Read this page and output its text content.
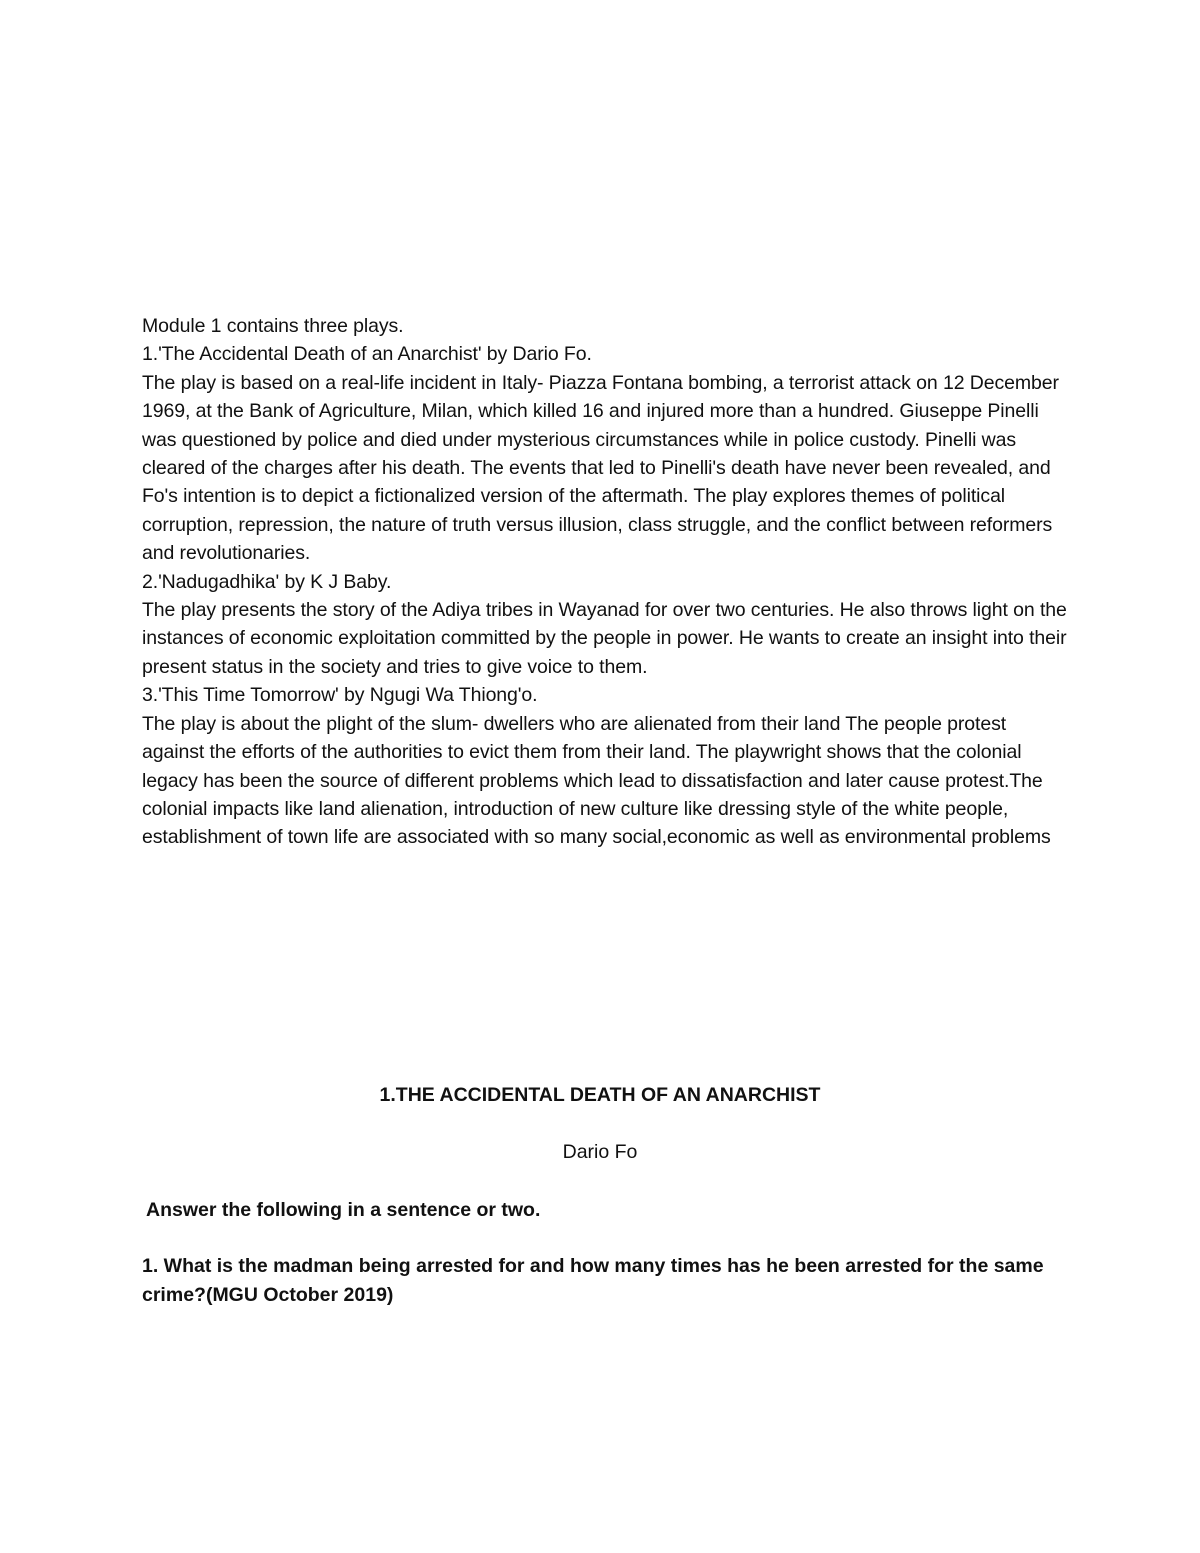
Module 1 contains three plays.

1.'The Accidental Death of an Anarchist' by Dario Fo.

The play is based on a real-life incident in Italy- Piazza Fontana bombing, a terrorist attack on 12 December 1969, at the Bank of Agriculture, Milan, which killed 16 and injured more than a hundred. Giuseppe Pinelli was questioned by police and died under mysterious circumstances while in police custody. Pinelli was cleared of the charges after his death. The events that led to Pinelli's death have never been revealed, and Fo's intention is to depict a fictionalized version of the aftermath. The play explores themes of political corruption, repression, the nature of truth versus illusion, class struggle, and the conflict between reformers and revolutionaries.

2.'Nadugadhika' by K J Baby.

The play presents the story of the Adiya tribes in Wayanad for over two centuries. He also throws light on the instances of economic exploitation committed by the people in power. He wants to create an insight into their present status in the society and tries to give voice to them.

3.'This Time Tomorrow' by Ngugi Wa Thiong'o.

The play is about the plight of the slum- dwellers who are alienated from their land The people protest against the efforts of the authorities to evict them from their land. The playwright shows that the colonial legacy has been the source of different problems which lead to dissatisfaction and later cause protest.The colonial impacts like land alienation, introduction of new culture like dressing style of the white people, establishment of town life are associated with so many social,economic as well as environmental problems

1.THE ACCIDENTAL DEATH OF AN ANARCHIST
Dario Fo
Answer the following in a sentence or two.
1. What is the madman being arrested for and how many times has he been arrested for the same crime?(MGU October 2019)
